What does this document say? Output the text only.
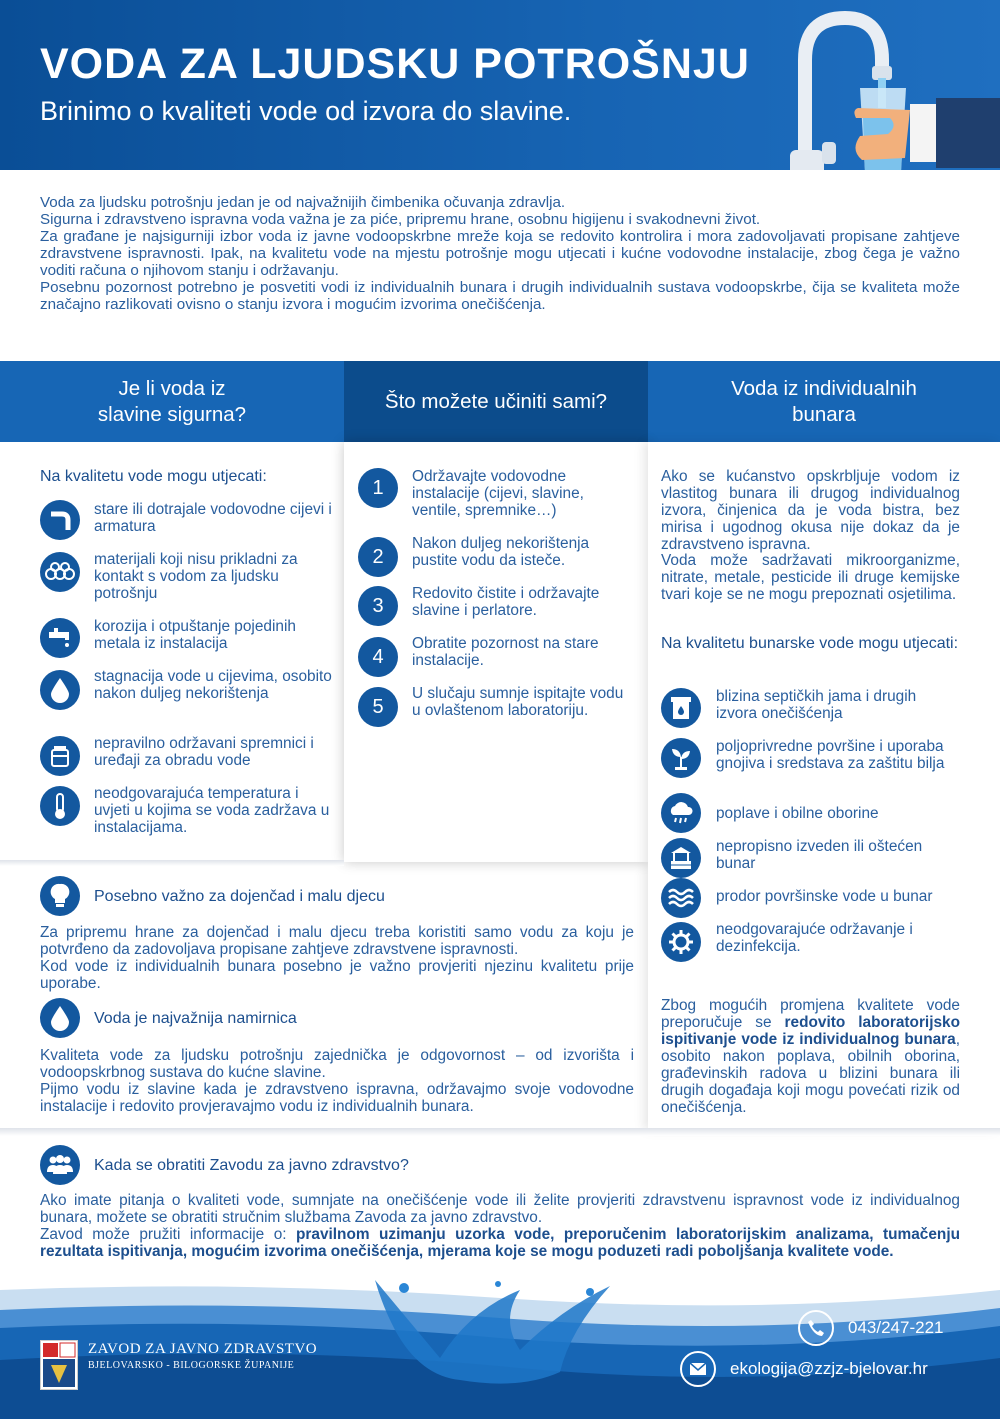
VODA ZA LJUDSKU POTROŠNJU
Brinimo o kvaliteti vode od izvora do slavine.

Voda za ljudsku potrošnju jedan je od najvažnijih čimbenika očuvanja zdravlja.

Sigurna i zdravstveno ispravna voda važna je za piće, pripremu hrane, osobnu higijenu i svakodnevni život.

Za građane je najsigurniji izbor voda iz javne vodoopskrbne mreže koja se redovito kontrolira i mora zadovoljavati propisane zahtjeve zdravstvene ispravnosti. Ipak, na kvalitetu vode na mjestu potrošnje mogu utjecati i kućne vodovodne instalacije, zbog čega je važno voditi računa o njihovom stanju i održavanju.

Posebnu pozornost potrebno je posvetiti vodi iz individualnih bunara i drugih individualnih sustava vodoopskrbe, čija se kvaliteta može značajno razlikovati ovisno o stanju izvora i mogućim izvorima onečišćenja.

Je li voda iz
slavine sigurna?
Što možete učiniti sami?
Voda iz individualnih
bunara
Na kvalitetu vode mogu utjecati:
stare ili dotrajale vodovodne cijevi i armatura
materijali koji nisu prikladni za kontakt s vodom za ljudsku potrošnju
korozija i otpuštanje pojedinih metala iz instalacija
stagnacija vode u cijevima, osobito nakon duljeg nekorištenja
nepravilno održavani spremnici i uređaji za obradu vode
neodgovarajuća temperatura i uvjeti u kojima se voda zadržava u instalacijama.
1	Održavajte vodovodne instalacije (cijevi, slavine, ventile, spremnike…)
2
Nakon duljeg nekorištenja pustite vodu da isteče.
3
Redovito čistite i održavajte slavine i perlatore.
4
Obratite pozornost na stare instalacije.
5
U slučaju sumnje ispitajte vodu u ovlaštenom laboratoriju.
Ako se kućanstvo opskrbljuje vodom iz vlastitog bunara ili drugog individualnog izvora, činjenica da je voda bistra, bez mirisa i ugodnog okusa nije dokaz da je zdravstveno ispravna.
Voda može sadržavati mikroorganizme, nitrate, metale, pesticide ili druge kemijske tvari koje se ne mogu prepoznati osjetilima.
Na kvalitetu bunarske vode mogu utjecati:
blizina septičkih jama i drugih izvora onečišćenja
poljoprivredne površine i uporaba gnojiva i sredstava za zaštitu bilja
poplave i obilne oborine
nepropisno izveden ili oštećen bunar
prodor površinske vode u bunar
neodgovarajuće održavanje i dezinfekcija.
Zbog mogućih promjena kvalitete vode preporučuje se redovito laboratorijsko ispitivanje vode iz individualnog bunara, osobito nakon poplava, obilnih oborina, građevinskih radova u blizini bunara ili drugih događaja koji mogu povećati rizik od onečišćenja.
Posebno važno za dojenčad i malu djecu
Za pripremu hrane za dojenčad i malu djecu treba koristiti samo vodu za koju je potvrđeno da zadovoljava propisane zahtjeve zdravstvene ispravnosti.
Kod vode iz individualnih bunara posebno je važno provjeriti njezinu kvalitetu prije uporabe.
Voda je najvažnija namirnica
Kvaliteta vode za ljudsku potrošnju zajednička je odgovornost – od izvorišta i vodoopskrbnog sustava do kućne slavine.
Pijmo vodu iz slavine kada je zdravstveno ispravna, održavajmo svoje vodovodne instalacije i redovito provjeravajmo vodu iz individualnih bunara.
Kada se obratiti Zavodu za javno zdravstvo?
Ako imate pitanja o kvaliteti vode, sumnjate na onečišćenje vode ili želite provjeriti zdravstvenu ispravnost vode iz individualnog bunara, možete se obratiti stručnim službama Zavoda za javno zdravstvo.
Zavod može pružiti informacije o: pravilnom uzimanju uzorka vode, preporučenim laboratorijskim analizama, tumačenju rezultata ispitivanja, mogućim izvorima onečišćenja, mjerama koje se mogu poduzeti radi poboljšanja kvalitete vode.
ZAVOD ZA JAVNO ZDRAVSTVO
BJELOVARSKO - BILOGORSKE ŽUPANIJE
043/247-221
ekologija@zzjz-bjelovar.hr
